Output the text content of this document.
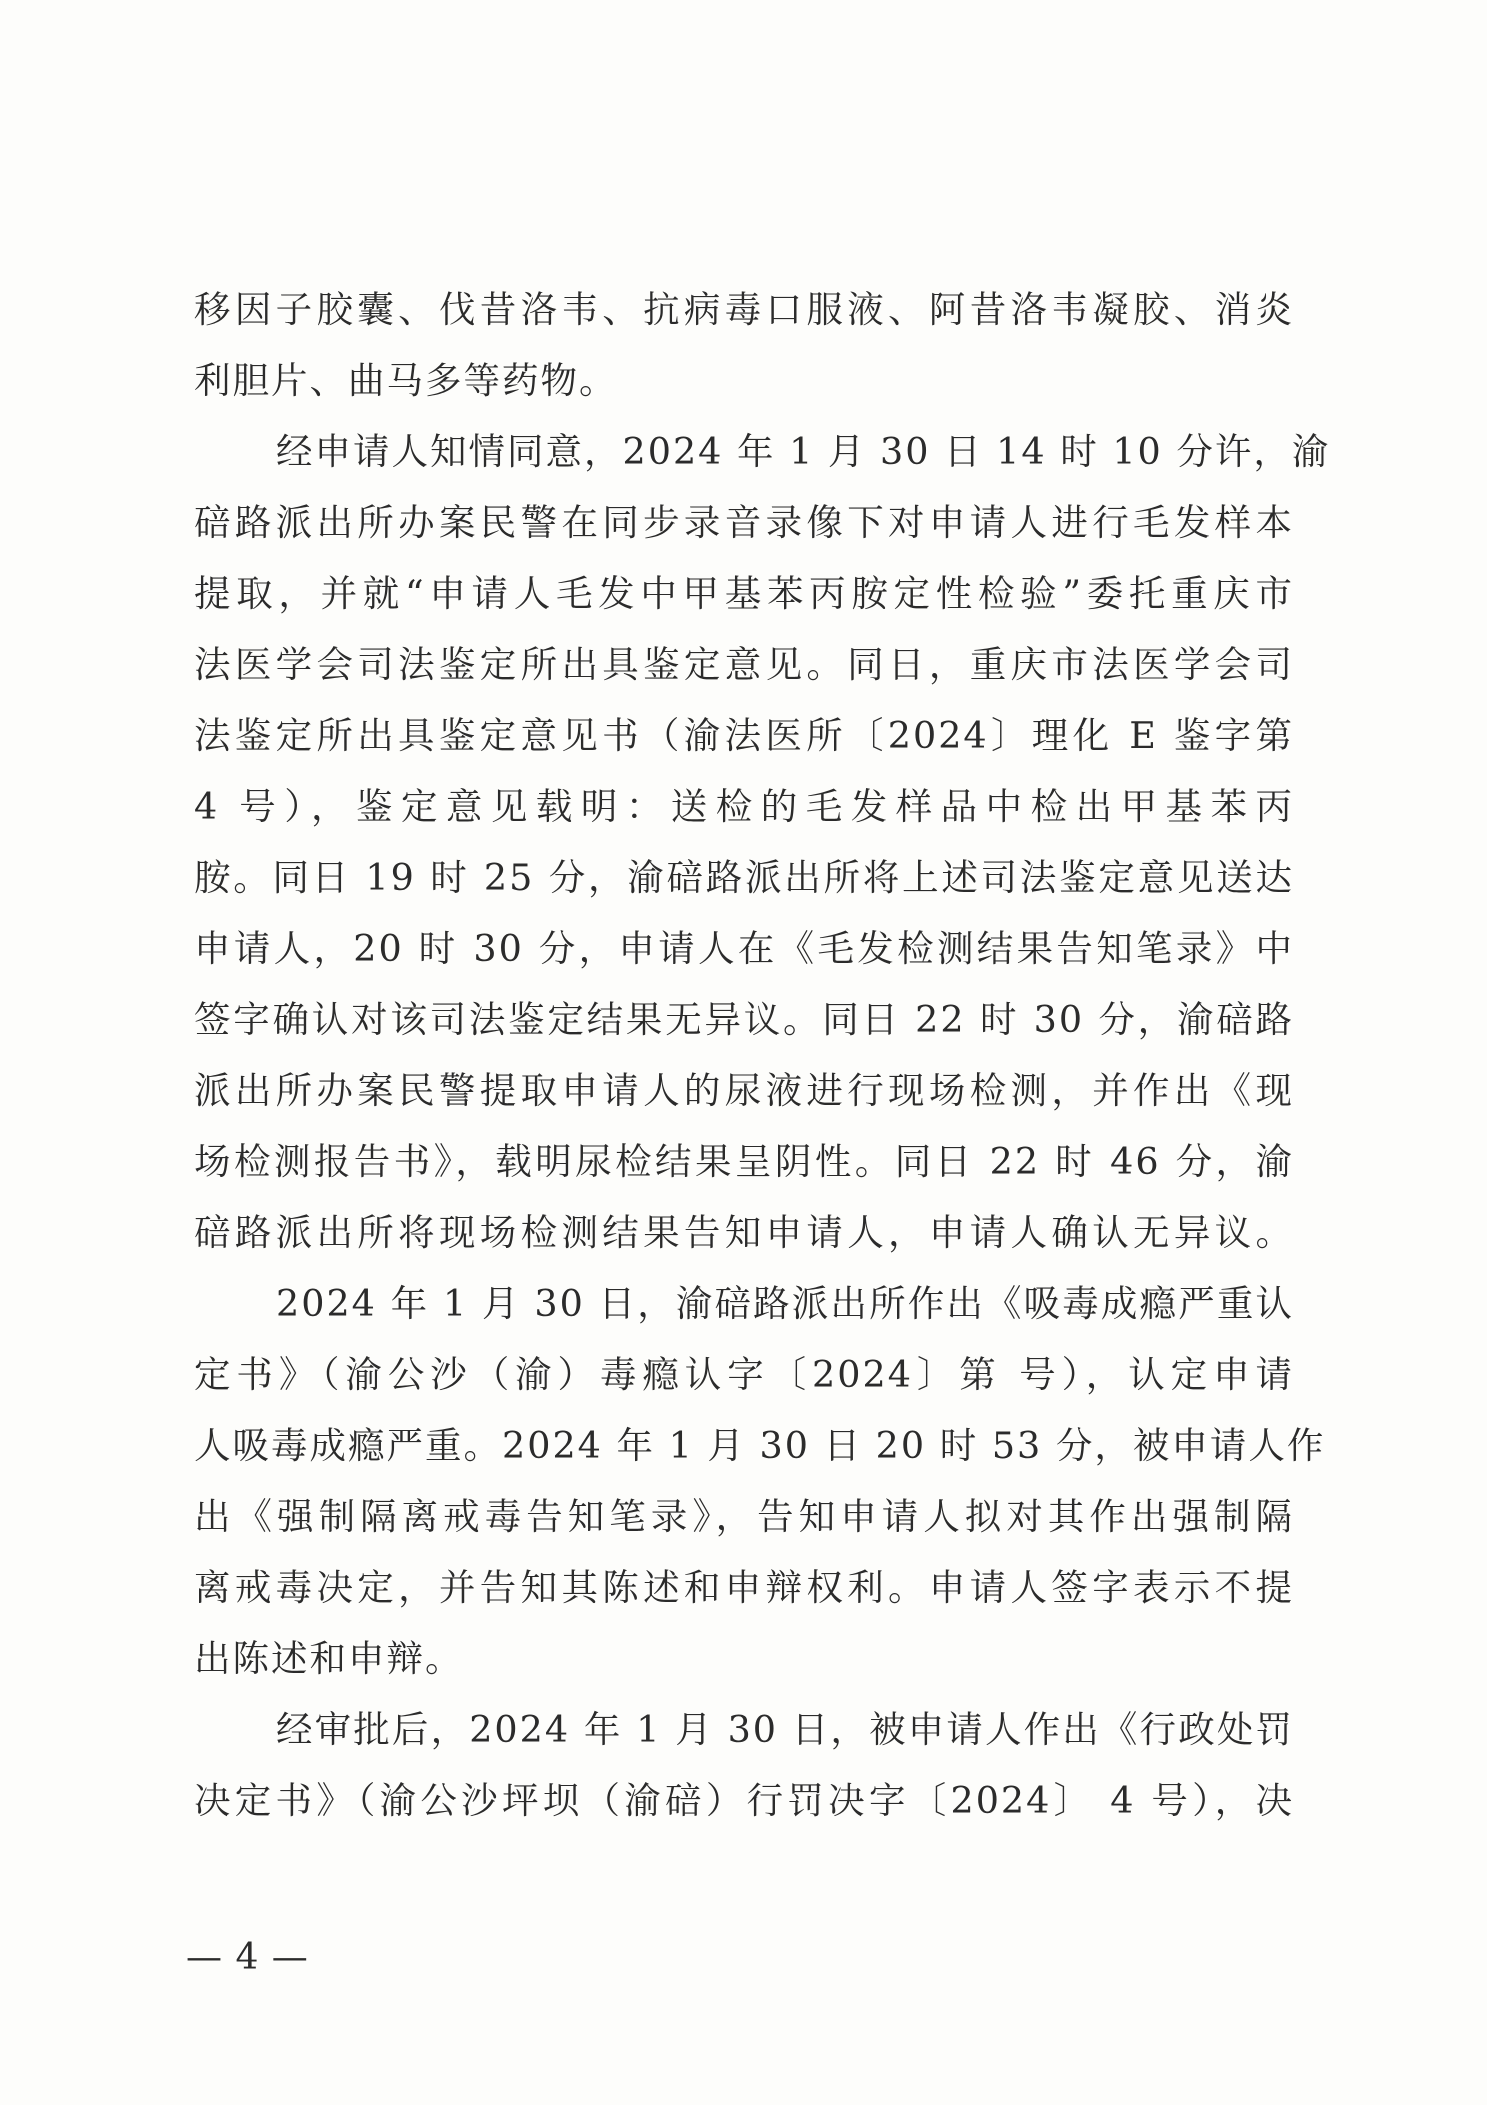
移因子胶囊、伐昔洛韦、抗病毒口服液、阿昔洛韦凝胶、消炎
利胆片、曲马多等药物。
经申请人知情同意，2024 年 1 月 30 日 14 时 10 分许，渝
碚路派出所办案民警在同步录音录像下对申请人进行毛发样本
提取，并就“申请人毛发中甲基苯丙胺定性检验”委托重庆市
法医学会司法鉴定所出具鉴定意见。同日，重庆市法医学会司
法鉴定所出具鉴定意见书（渝法医所〔2024〕理化 E 鉴字第
4 号），鉴定意见载明：送检的毛发样品中检出甲基苯丙
胺。同日 19 时 25 分，渝碚路派出所将上述司法鉴定意见送达
申请人，20 时 30 分，申请人在《毛发检测结果告知笔录》中
签字确认对该司法鉴定结果无异议。同日 22 时 30 分，渝碚路
派出所办案民警提取申请人的尿液进行现场检测，并作出《现
场检测报告书》，载明尿检结果呈阴性。同日 22 时 46 分，渝
碚路派出所将现场检测结果告知申请人，申请人确认无异议。
2024 年 1 月 30 日，渝碚路派出所作出《吸毒成瘾严重认
定书》（渝公沙（渝）毒瘾认字〔2024〕第 号），认定申请
人吸毒成瘾严重。2024 年 1 月 30 日 20 时 53 分，被申请人作
出《强制隔离戒毒告知笔录》，告知申请人拟对其作出强制隔
离戒毒决定，并告知其陈述和申辩权利。申请人签字表示不提
出陈述和申辩。
经审批后，2024 年 1 月 30 日，被申请人作出《行政处罚
决定书》（渝公沙坪坝（渝碚）行罚决字〔2024〕 4 号），决
— 4 —
